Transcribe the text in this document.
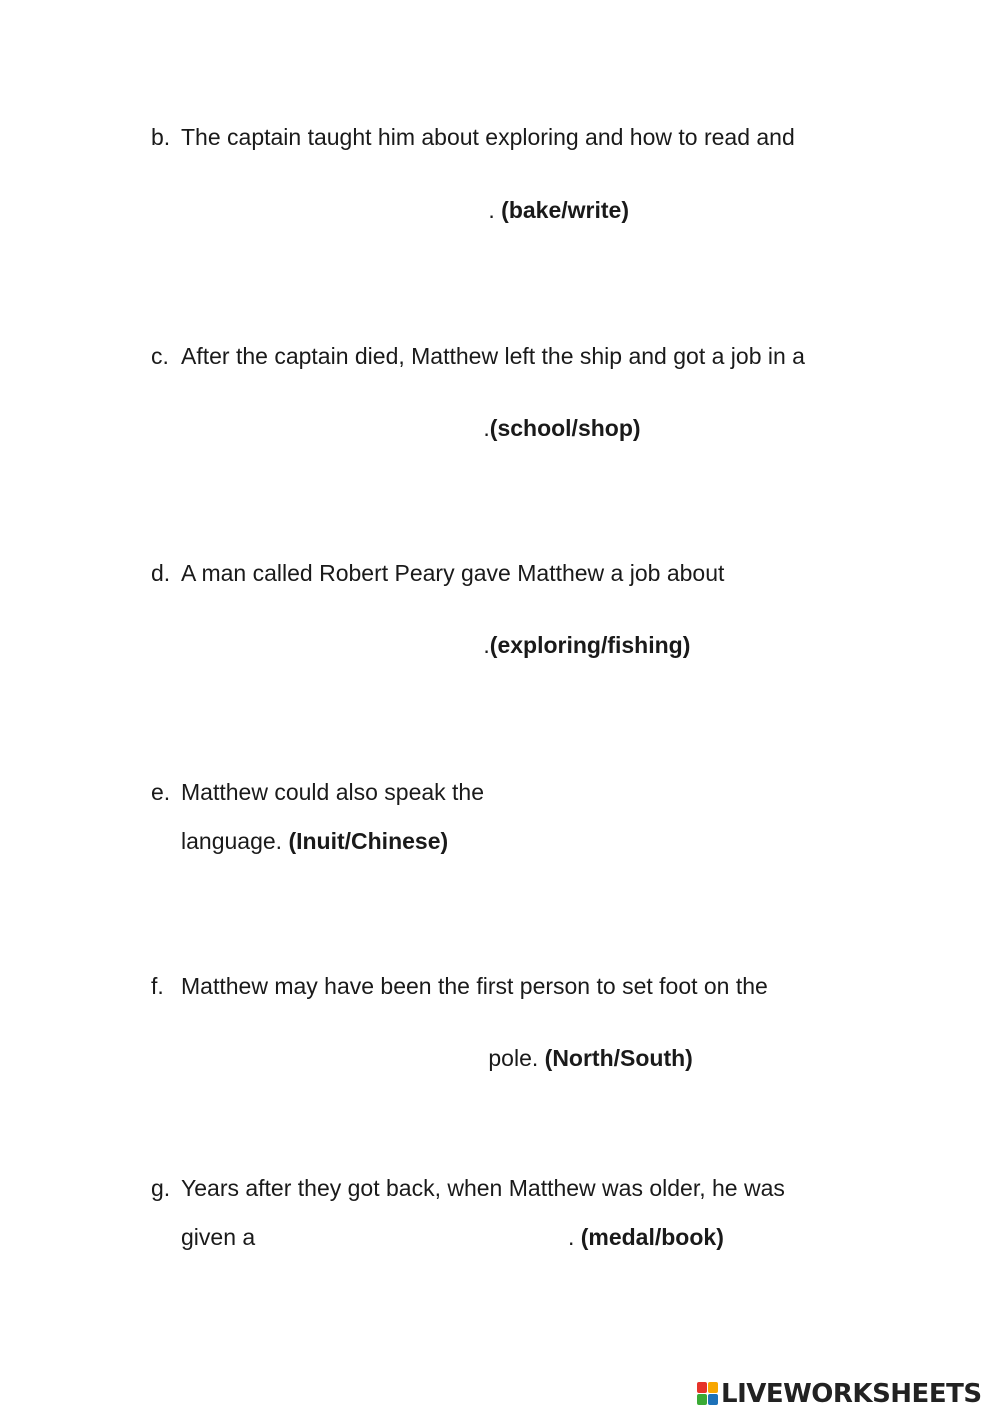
b. The captain taught him about exploring and how to read and
. (bake/write)
c. After the captain died, Matthew left the ship and got a job in a
.(school/shop)
d. A man called Robert Peary gave Matthew a job about
.(exploring/fishing)
e. Matthew could also speak the
language. (Inuit/Chinese)
f. Matthew may have been the first person to set foot on the
pole. (North/South)
g. Years after they got back, when Matthew was older, he was
given a	. (medal/book)
LIVEWORKSHEETS
